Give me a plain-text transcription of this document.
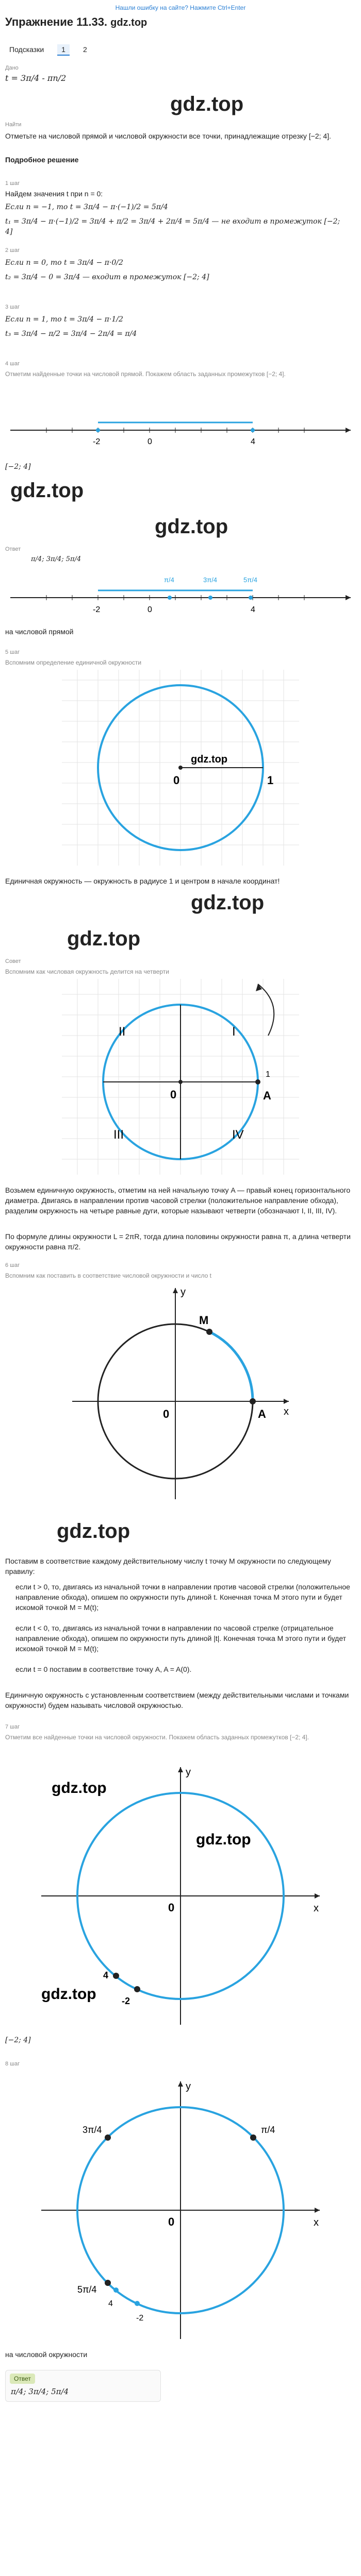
Нашли ошибку на сайте? Нажмите Ctrl+Enter
Упражнение 11.33. gdz.top
Подсказки	1	2
Дано
t = 3π/4 - πn/2
gdz.top
Найти
Отметьте на числовой прямой и числовой окружности все точки, принадлежащие отрезку [−2; 4].
Подробное решение
1 шаг
Найдем значения t при n = 0:
Если n = −1, то t = 3π/4 − π·(−1)/2 = 5π/4
t₁ = 3π/4 − π·(−1)/2 = 3π/4 + π/2 = 3π/4 + 2π/4 = 5π/4 — не входит в промежуток [−2; 4]
2 шаг
Если n = 0, то t = 3π/4 − π·0/2
t₂ = 3π/4 − 0 = 3π/4 — входит в промежуток [−2; 4]
3 шаг
Если n = 1, то t = 3π/4 − π·1/2
t₃ = 3π/4 − π/2 = 3π/4 − 2π/4 = π/4
4 шаг
Отметим найденные точки на числовой прямой. Покажем область заданных промежутков [−2; 4].
-2	0	4
[−2; 4]
gdz.top
gdz.top
Ответ
π/4; 3π/4; 5π/4
π/4	3π/4	5π/4
-2	0	4
на числовой прямой
5 шаг
Вспомним определение единичной окружности
0	1
gdz.top
Единичная окружность — окружность в радиусе 1 и центром в начале координат!
gdz.top
gdz.top
Совет
Вспомним как числовая окружность делится на четверти
I
II
III	IV
A
0
1
Возьмем единичную окружность, отметим на ней начальную точку A — правый конец горизонтального диаметра. Двигаясь в направлении против часовой стрелки (положительное направление обхода), разделим окружность на четыре равные дуги, которые называют четверти (обозначают I, II, III, IV).
По формуле длины окружности L = 2πR, тогда длина половины окружности равна π, а длина четверти окружности равна π/2.
6 шаг
Вспомним как поставить в соответствие числовой окружности и число t
y
x
M
A
0
gdz.top
Поставим в соответствие каждому действительному числу t точку M окружности по следующему правилу:
если t > 0, то, двигаясь из начальной точки в направлении против часовой стрелки (положительное направление обхода), опишем по окружности путь длиной t. Конечная точка M этого пути и будет искомой точкой M = M(t);
если t < 0, то, двигаясь из начальной точки в направлении по часовой стрелке (отрицательное направление обхода), опишем по окружности путь длиной |t|. Конечная точка M этого пути и будет искомой точкой M = M(t);
если t = 0 поставим в соответствие точку A, A = A(0).
Единичную окружность с установленным соответствием (между действительными числами и точками окружности) будем называть числовой окружностью.
7 шаг
Отметим все найденные точки на числовой окружности. Покажем область заданных промежутков [−2; 4].
y
x
0
4
-2
gdz.top
gdz.top
gdz.top
[−2; 4]
8 шаг
y
x
0
3π/4	π/4
5π/4
-2
4
на числовой окружности
Ответ
π/4; 3π/4; 5π/4
